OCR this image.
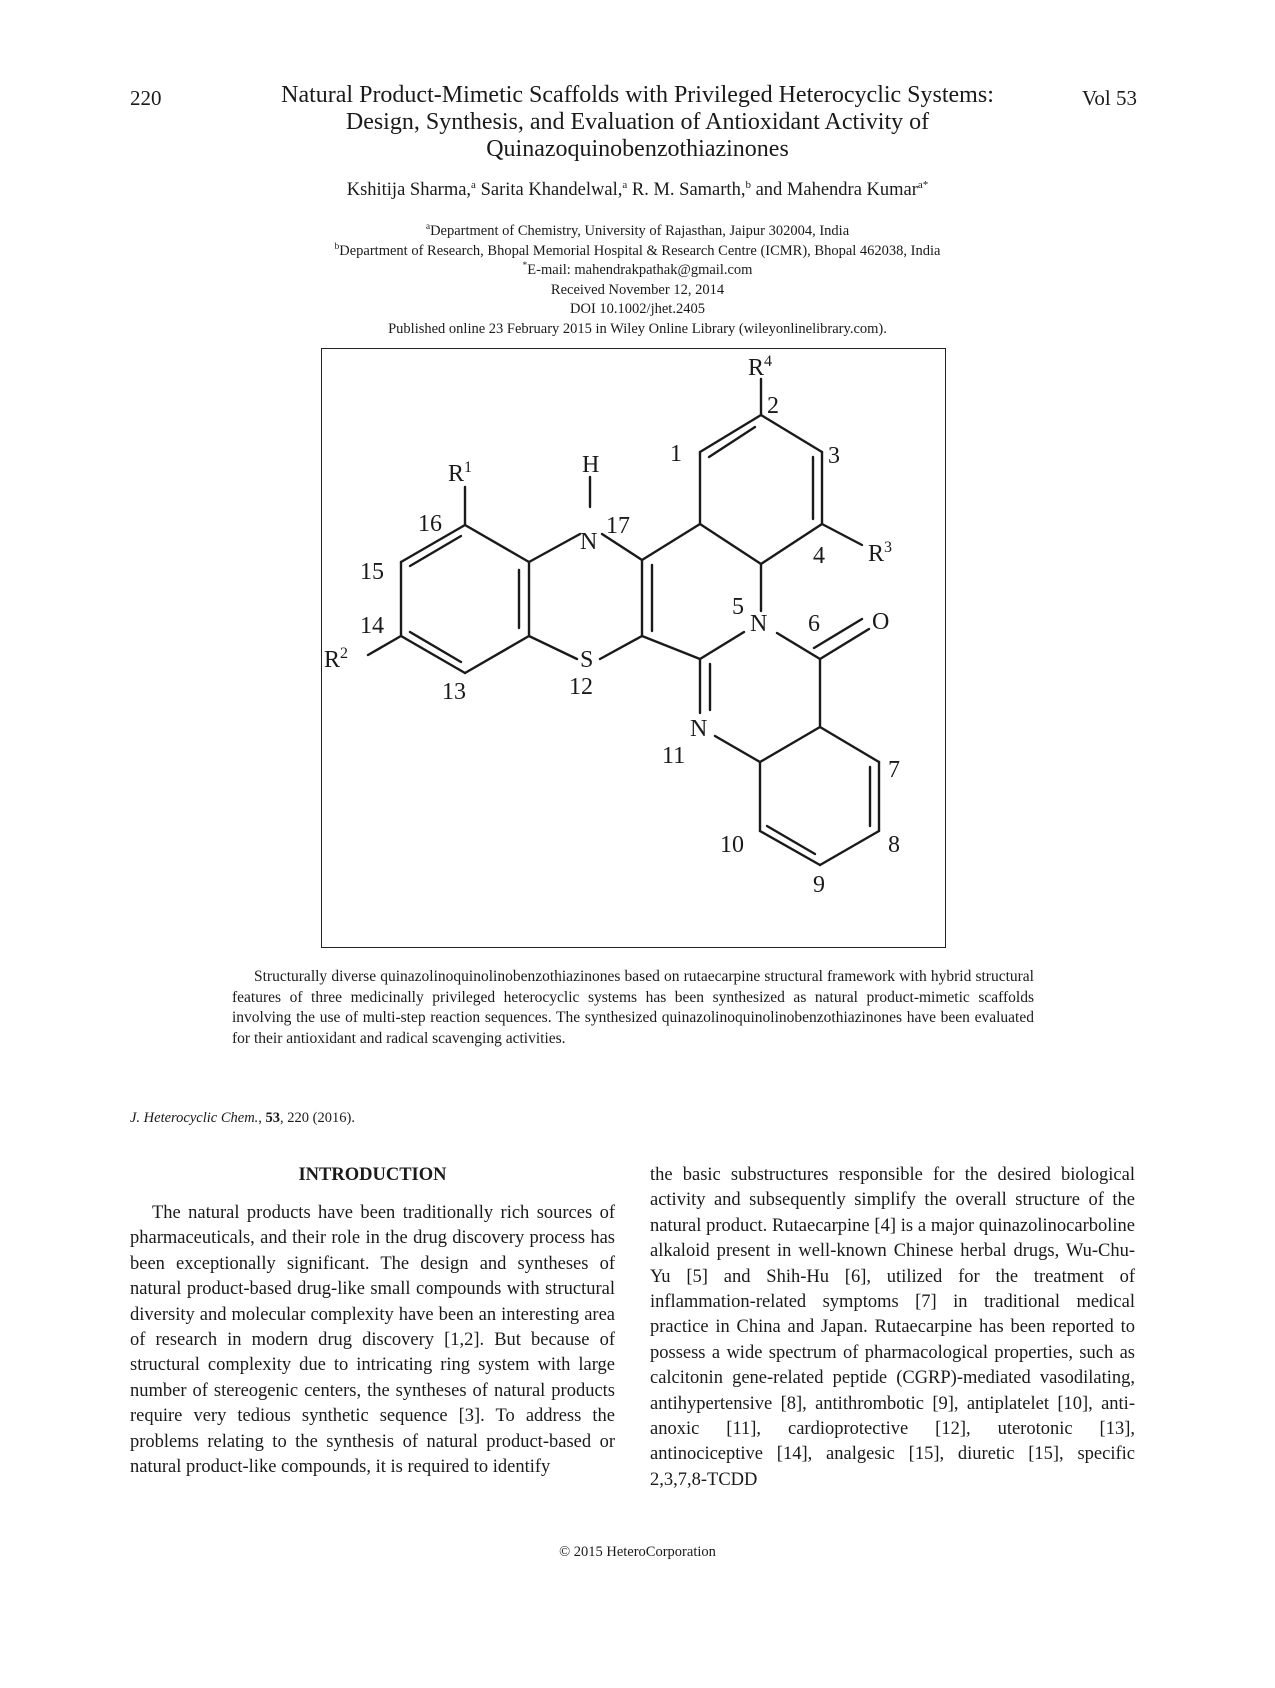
220	Vol 53
Natural Product-Mimetic Scaffolds with Privileged Heterocyclic Systems:
Design, Synthesis, and Evaluation of Antioxidant Activity of
Quinazoquinobenzothiazinones
Kshitija Sharma,$^a$ Sarita Khandelwal,$^a$ R. M. Samarth,$^b$ and Mahendra Kumar$^{a*}$
$^a$Department of Chemistry, University of Rajasthan, Jaipur 302004, India
$^b$Department of Research, Bhopal Memorial Hospital & Research Centre (ICMR), Bhopal 462038, India
*E-mail: mahendrakpathak@gmail.com
Received November 12, 2014
DOI 10.1002/jhet.2405
Published online 23 February 2015 in Wiley Online Library (wileyonlinelibrary.com).
N
H
S
N
N
O
$R^1$
$R^2$
$R^3$
$R^4$
1
2
3
4
5
6
7
8
9
10
11
12
13
14
15
16	17
Structurally diverse quinazolinoquinolinobenzothiazinones based on rutaecarpine structural framework with hybrid structural features of three medicinally privileged heterocyclic systems has been synthesized as natural product-mimetic scaffolds involving the use of multi-step reaction sequences. The synthesized quinazolinoquinolinobenzothiazinones have been evaluated for their antioxidant and radical scavenging activities.
J. Heterocyclic Chem., 53, 220 (2016).
INTRODUCTION

The natural products have been traditionally rich sources of pharmaceuticals, and their role in the drug discovery process has been exceptionally significant. The design and syntheses of natural product-based drug-like small compounds with structural diversity and molecular complexity have been an interesting area of research in modern drug discovery [1,2]. But because of structural complexity due to intricating ring system with large number of stereogenic centers, the syntheses of natural products require very tedious synthetic sequence [3]. To address the problems relating to the synthesis of natural product-based or natural product-like compounds, it is required to identify

the basic substructures responsible for the desired biological activity and subsequently simplify the overall structure of the natural product. Rutaecarpine [4] is a major quinazolinocarboline alkaloid present in well-known Chinese herbal drugs, Wu-Chu-Yu [5] and Shih-Hu [6], utilized for the treatment of inflammation-related symptoms [7] in traditional medical practice in China and Japan. Rutaecarpine has been reported to possess a wide spectrum of pharmacological properties, such as calcitonin gene-related peptide (CGRP)-mediated vasodilating, antihypertensive [8], antithrombotic [9], antiplatelet [10], anti-anoxic [11], cardioprotective [12], uterotonic [13], antinociceptive [14], analgesic [15], diuretic [15], specific 2,3,7,8-TCDD

© 2015 HeteroCorporation
